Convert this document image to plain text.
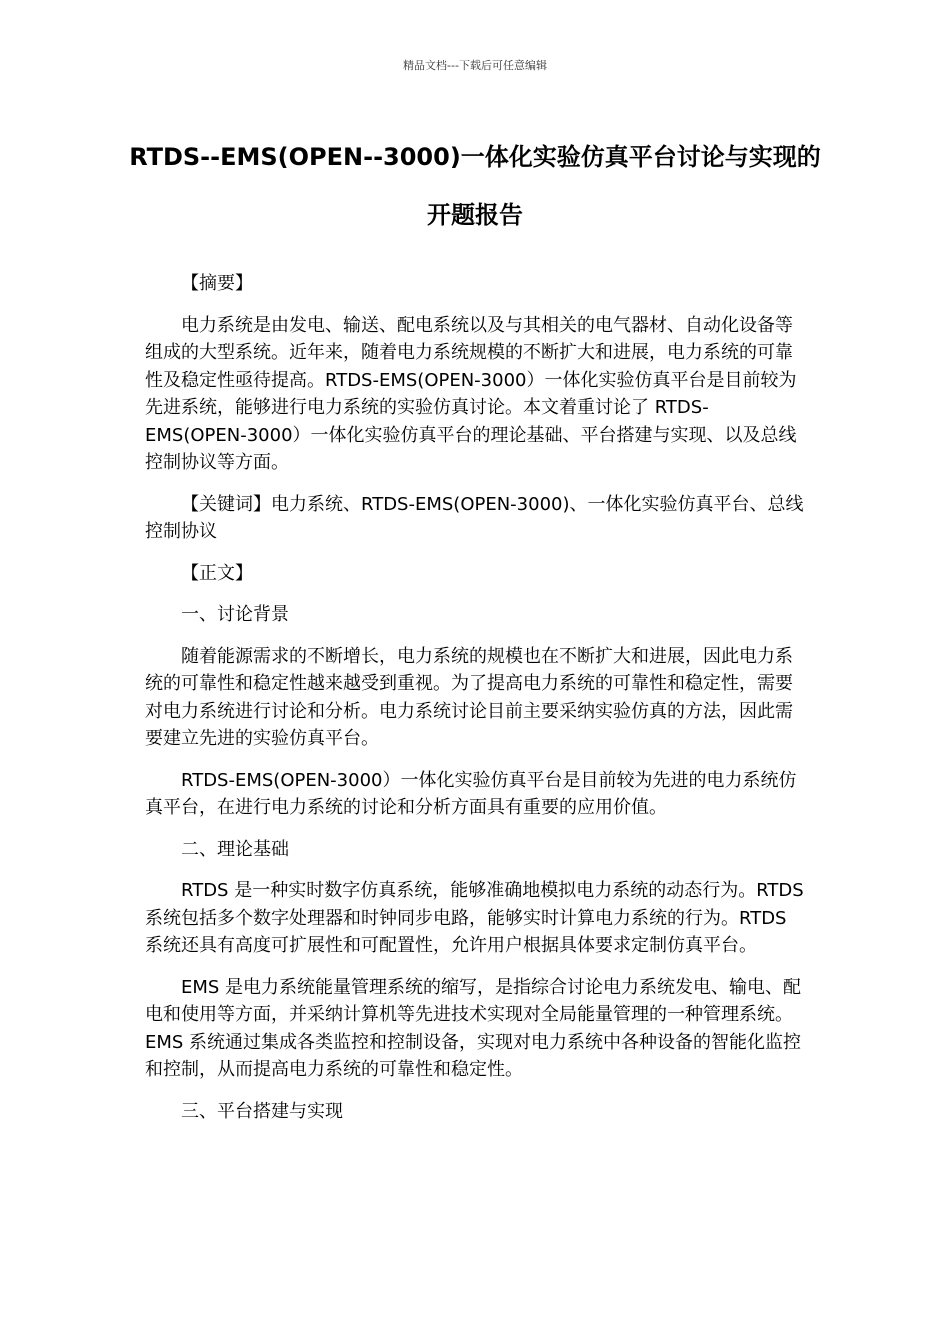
精品文档---下载后可任意编辑
RTDS--EMS(OPEN--3000)一体化实验仿真平台讨论与实现的开题报告

【摘要】

电力系统是由发电、输送、配电系统以及与其相关的电气器材、自动化设备等组成的大型系统。近年来，随着电力系统规模的不断扩大和进展，电力系统的可靠性及稳定性亟待提高。RTDS-EMS(OPEN-3000）一体化实验仿真平台是目前较为先进系统，能够进行电力系统的实验仿真讨论。本文着重讨论了 RTDS-EMS(OPEN-3000）一体化实验仿真平台的理论基础、平台搭建与实现、以及总线控制协议等方面。

【关键词】电力系统、RTDS-EMS(OPEN-3000)、一体化实验仿真平台、总线控制协议

【正文】

一、讨论背景

随着能源需求的不断增长，电力系统的规模也在不断扩大和进展，因此电力系统的可靠性和稳定性越来越受到重视。为了提高电力系统的可靠性和稳定性，需要对电力系统进行讨论和分析。电力系统讨论目前主要采纳实验仿真的方法，因此需要建立先进的实验仿真平台。

RTDS-EMS(OPEN-3000）一体化实验仿真平台是目前较为先进的电力系统仿真平台，在进行电力系统的讨论和分析方面具有重要的应用价值。

二、理论基础

RTDS 是一种实时数字仿真系统，能够准确地模拟电力系统的动态行为。RTDS 系统包括多个数字处理器和时钟同步电路，能够实时计算电力系统的行为。RTDS 系统还具有高度可扩展性和可配置性，允许用户根据具体要求定制仿真平台。

EMS 是电力系统能量管理系统的缩写，是指综合讨论电力系统发电、输电、配电和使用等方面，并采纳计算机等先进技术实现对全局能量管理的一种管理系统。EMS 系统通过集成各类监控和控制设备，实现对电力系统中各种设备的智能化监控和控制，从而提高电力系统的可靠性和稳定性。

三、平台搭建与实现
